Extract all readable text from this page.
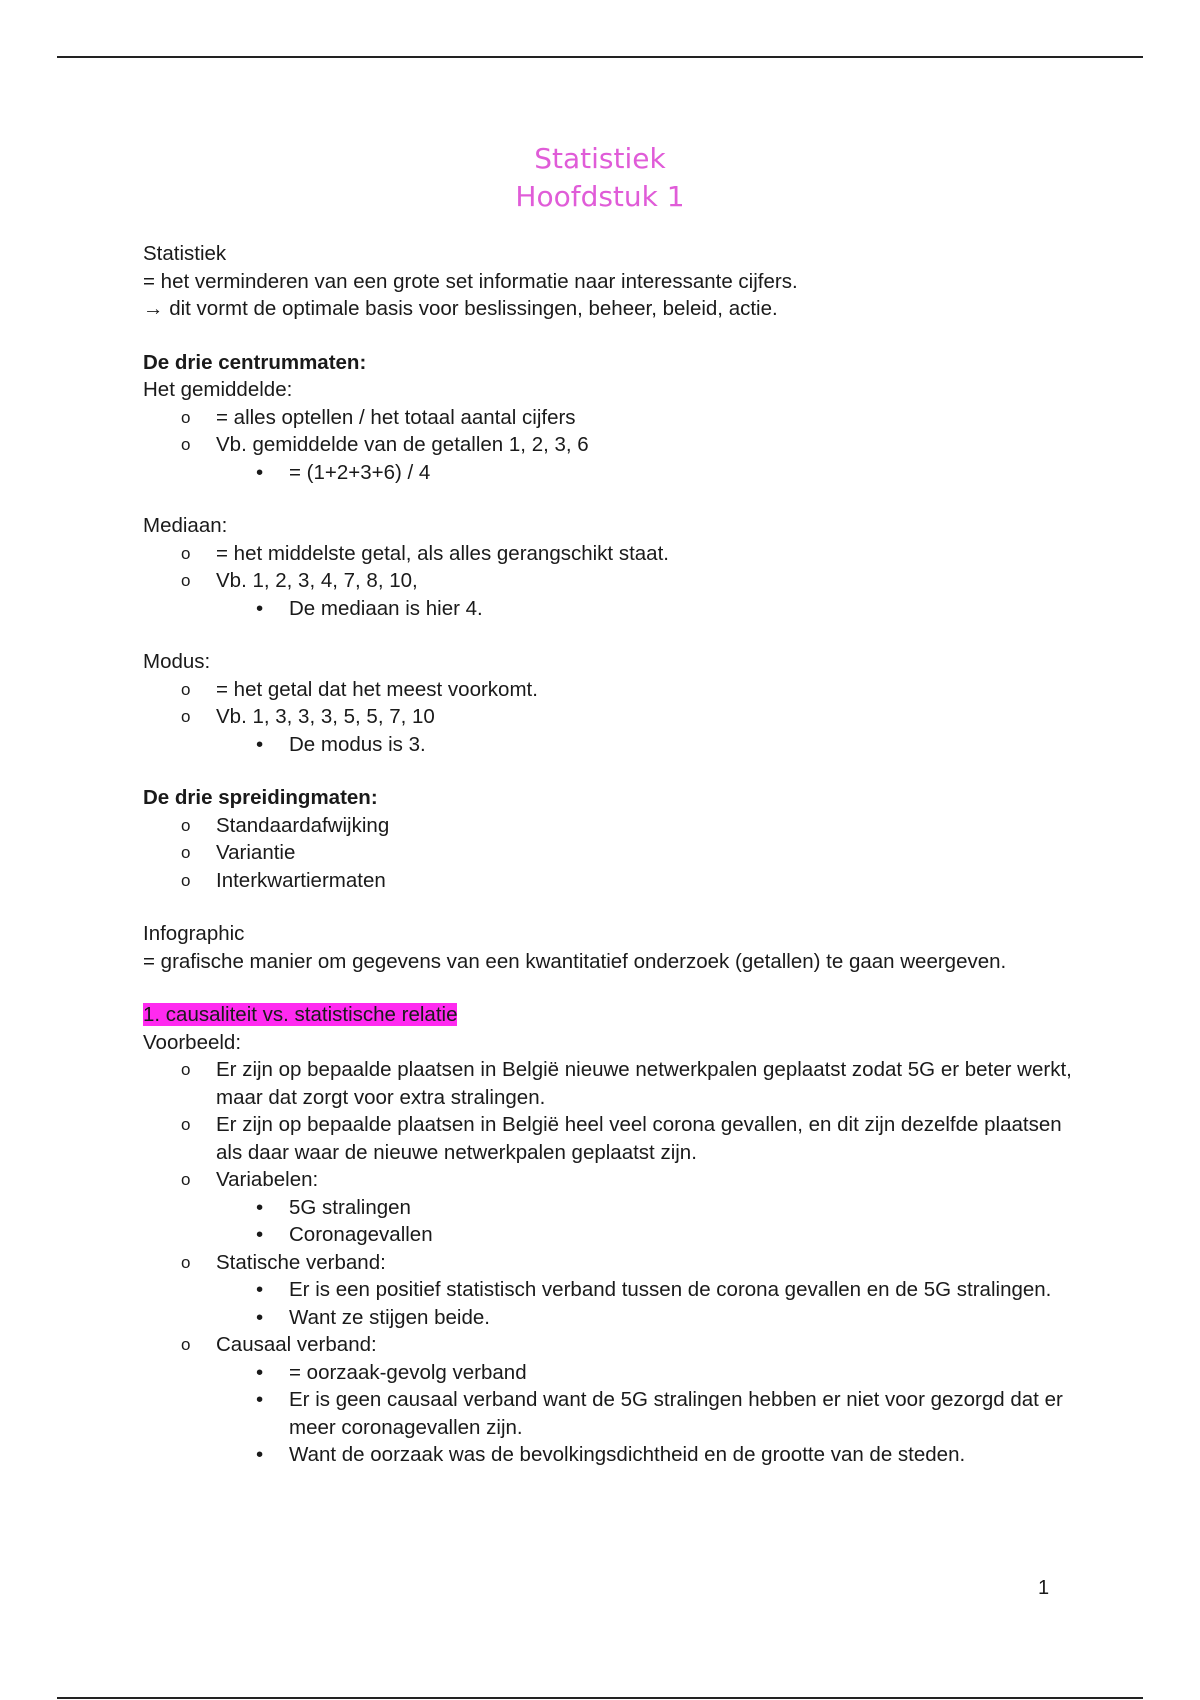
Statistiek
Hoofdstuk 1
Statistiek
= het verminderen van een grote set informatie naar interessante cijfers.
→ dit vormt de optimale basis voor beslissingen, beheer, beleid, actie.
De drie centrummaten:
Het gemiddelde:
o = alles optellen / het totaal aantal cijfers
o Vb. gemiddelde van de getallen 1, 2, 3, 6
• = (1+2+3+6) / 4
Mediaan:
o = het middelste getal, als alles gerangschikt staat.
o Vb. 1, 2, 3, 4, 7, 8, 10,
• De mediaan is hier 4.
Modus:
o = het getal dat het meest voorkomt.
o Vb. 1, 3, 3, 3, 5, 5, 7, 10
• De modus is 3.
De drie spreidingmaten:
o Standaardafwijking
o Variantie
o Interkwartiermaten
Infographic
= grafische manier om gegevens van een kwantitatief onderzoek (getallen) te gaan weergeven.
1. causaliteit vs. statistische relatie
Voorbeeld:
o Er zijn op bepaalde plaatsen in België nieuwe netwerkpalen geplaatst zodat 5G er beter werkt, maar dat zorgt voor extra stralingen.
o Er zijn op bepaalde plaatsen in België heel veel corona gevallen, en dit zijn dezelfde plaatsen als daar waar de nieuwe netwerkpalen geplaatst zijn.
o Variabelen:
• 5G stralingen
• Coronagevallen
o Statische verband:
• Er is een positief statistisch verband tussen de corona gevallen en de 5G stralingen.
• Want ze stijgen beide.
o Causaal verband:
• = oorzaak-gevolg verband
• Er is geen causaal verband want de 5G stralingen hebben er niet voor gezorgd dat er meer coronagevallen zijn.
• Want de oorzaak was de bevolkingsdichtheid en de grootte van de steden.
1
